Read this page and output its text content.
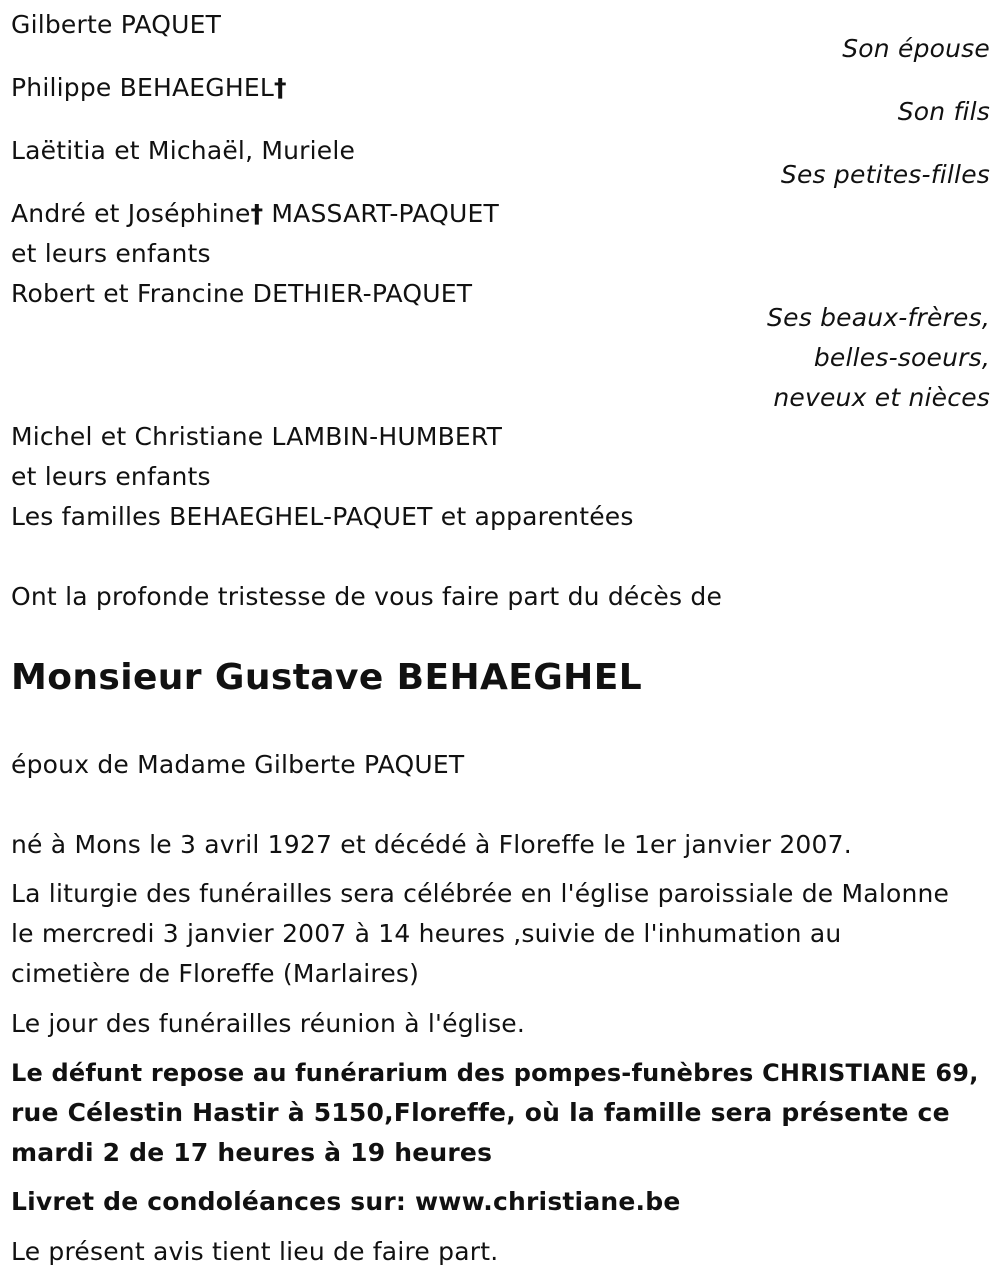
Gilberte PAQUET
Son épouse
Philippe BEHAEGHEL†
Son fils
Laëtitia et Michaël, Muriele
Ses petites-filles
André et Joséphine† MASSART-PAQUET
et leurs enfants
Robert et Francine DETHIER-PAQUET
Ses beaux-frères,
belles-soeurs,
neveux et nièces
Michel et Christiane LAMBIN-HUMBERT
et leurs enfants
Les familles BEHAEGHEL-PAQUET et apparentées
Ont la profonde tristesse de vous faire part du décès de
Monsieur Gustave BEHAEGHEL
époux de Madame Gilberte PAQUET
né à Mons le 3 avril 1927 et décédé à Floreffe le 1er janvier 2007.
La liturgie des funérailles sera célébrée en l'église paroissiale de Malonne
le mercredi 3 janvier 2007 à 14 heures ,suivie de l'inhumation au
cimetière de Floreffe (Marlaires)
Le jour des funérailles réunion à l'église.
Le défunt repose au funérarium des pompes-funèbres CHRISTIANE 69,
rue Célestin Hastir à 5150,Floreffe, où la famille sera présente ce
mardi 2 de 17 heures à 19 heures
Livret de condoléances sur: www.christiane.be
Le présent avis tient lieu de faire part.
